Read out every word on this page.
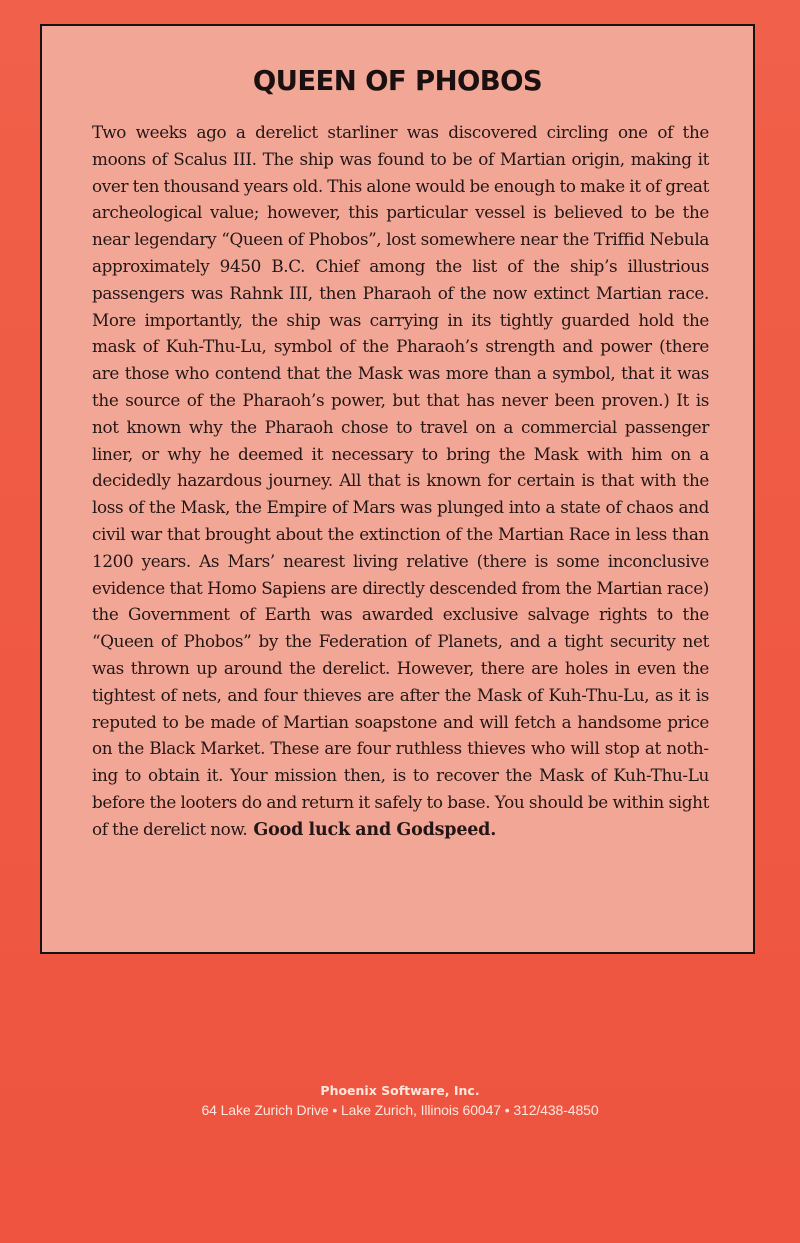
QUEEN OF PHOBOS

Two weeks ago a derelict starliner was discovered circling one of the moons of Scalus III. The ship was found to be of Martian origin, making it over ten thousand years old. This alone would be enough to make it of great archeological value; however, this particular vessel is believed to be the near legendary “Queen of Phobos”, lost somewhere near the Triffid Nebula approximately 9450 B.C. Chief among the list of the ship’s illustrious passengers was Rahnk III, then Pharaoh of the now extinct Martian race. More importantly, the ship was carrying in its tightly guarded hold the mask of Kuh-Thu-Lu, symbol of the Pharaoh’s strength and power (there are those who contend that the Mask was more than a symbol, that it was the source of the Pharaoh’s power, but that has never been proven.) It is not known why the Pharaoh chose to travel on a commercial passenger liner, or why he deemed it necessary to bring the Mask with him on a decidedly hazardous journey. All that is known for certain is that with the loss of the Mask, the Empire of Mars was plunged into a state of chaos and civil war that brought about the extinction of the Martian Race in less than 1200 years. As Mars’ nearest living relative (there is some inconclusive evidence that Homo Sapiens are directly descended from the Martian race) the Government of Earth was awarded exclusive salvage rights to the “Queen of Phobos” by the Federation of Planets, and a tight security net was thrown up around the derelict. However, there are holes in even the tightest of nets, and four thieves are after the Mask of Kuh-Thu-Lu, as it is reputed to be made of Martian soapstone and will fetch a handsome price on the Black Market. These are four ruthless thieves who will stop at nothing to obtain it. Your mission then, is to recover the Mask of Kuh-Thu-Lu before the looters do and return it safely to base. You should be within sight of the derelict now. Good luck and Godspeed.

Phoenix Software, Inc.
64 Lake Zurich Drive • Lake Zurich, Illinois 60047 • 312/438-4850
